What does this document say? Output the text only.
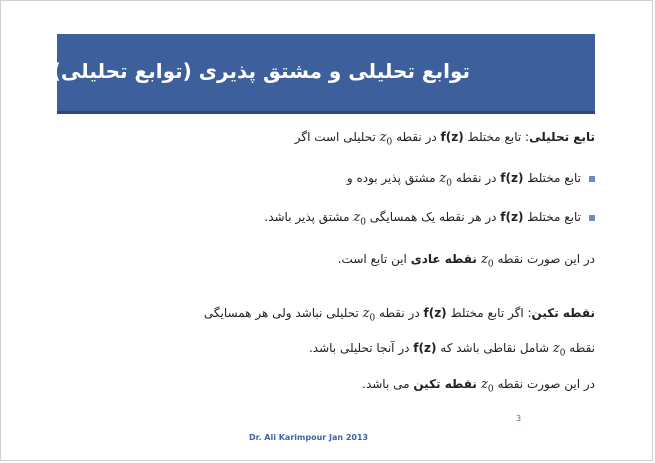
توابع تحلیلی و مشتق پذیری (توابع تحلیلی)
تابع تحلیلی: تابع مختلط f(z) در نقطه $z_0$ تحلیلی است اگر
تابع مختلط f(z) در نقطه $z_0$ مشتق پذیر بوده و
تابع مختلط f(z) در هر نقطه یک همسایگی $z_0$ مشتق پذیر باشد.
در این صورت نقطه $z_0$ نقطه عادی این تابع است.
نقطه تکین: اگر تابع مختلط f(z) در نقطه $z_0$ تحلیلی نباشد ولی هر همسایگی
نقطه $z_0$ شامل نقاطی باشد که f(z) در آنجا تحلیلی باشد.
در این صورت نقطه $z_0$ نقطه تکین می باشد.
3
Dr. Ali Karimpour Jan 2013
